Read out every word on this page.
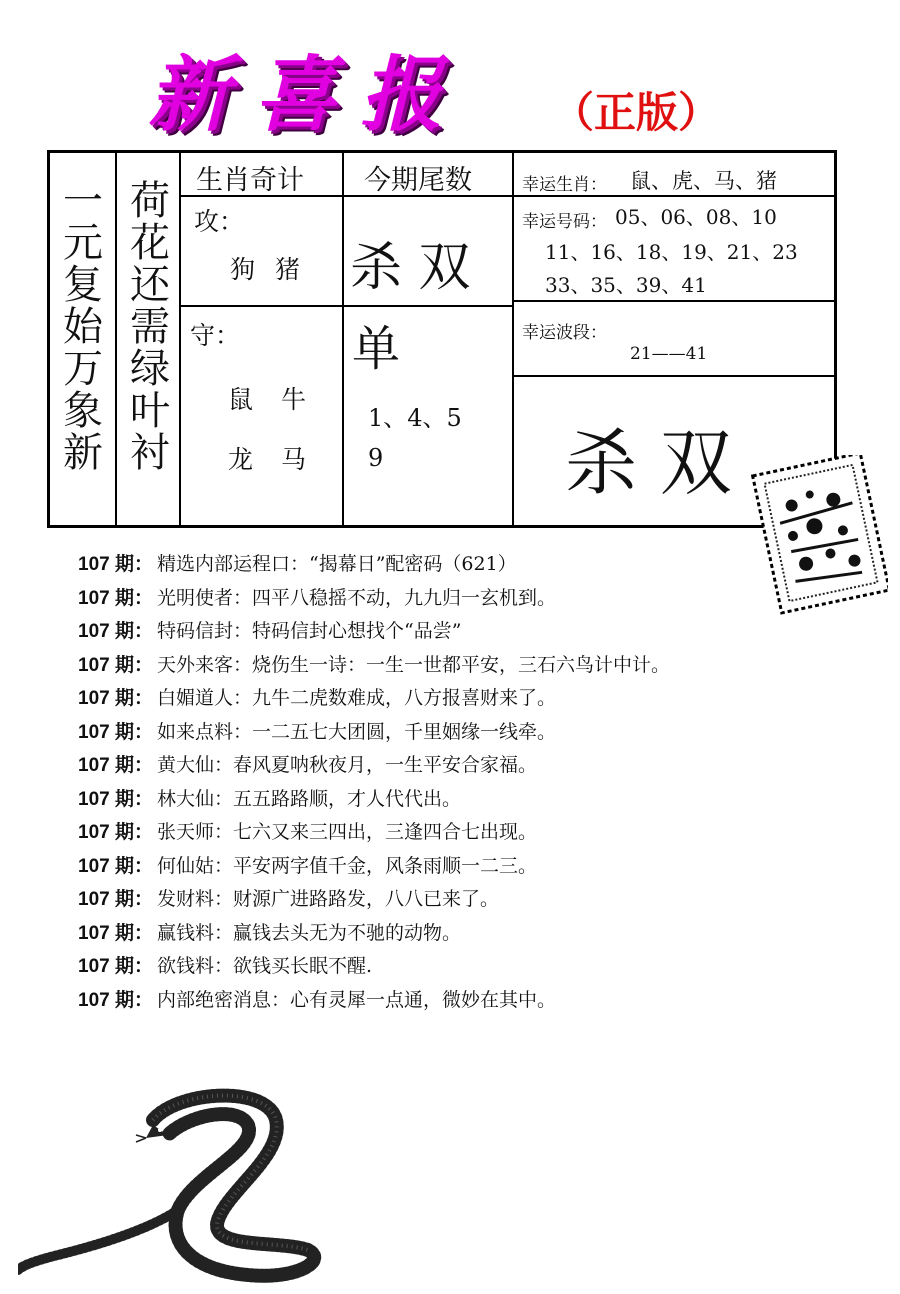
新喜报	（正版）
一元复始万象新
荷花还需绿叶衬
生肖奇计 今期尾数	幸运生肖： 鼠、虎、马、猪
攻：
狗 猪 杀 双
幸运号码： 05、06、08、10
11、16、18、19、21、23
33、35、39、41
守：
鼠 牛
龙 马
单
1、4、5
9
幸运波段：
21——41
杀 双
107 期： 精选内部运程口：“揭幕日”配密码（621）
107 期： 光明使者：四平八稳摇不动，九九归一玄机到。
107 期： 特码信封：特码信封心想找个“品尝”
107 期： 天外来客：烧伤生一诗：一生一世都平安，三石六鸟计中计。
107 期： 白媚道人：九牛二虎数难成，八方报喜财来了。
107 期： 如来点料：一二五七大团圆，千里姻缘一线牵。
107 期： 黄大仙：春风夏呐秋夜月，一生平安合家福。
107 期： 林大仙：五五路路顺，才人代代出。
107 期： 张天师：七六又来三四出，三逢四合七出现。
107 期： 何仙姑：平安两字值千金，风条雨顺一二三。
107 期： 发财料：财源广进路路发，八八已来了。
107 期： 赢钱料：赢钱去头无为不驰的动物。
107 期： 欲钱料：欲钱买长眠不醒.
107 期： 内部绝密消息：心有灵犀一点通，微妙在其中。
